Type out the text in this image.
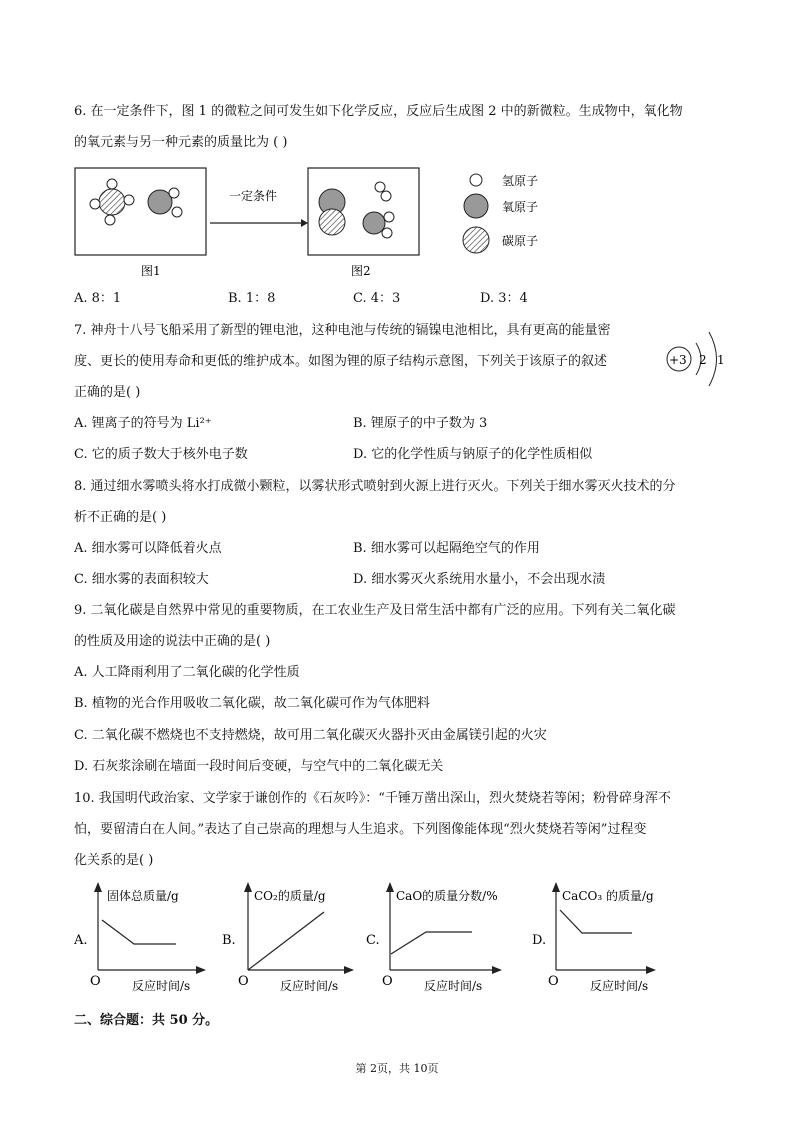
6. 在一定条件下，图 1 的微粒之间可发生如下化学反应，反应后生成图 2 中的新微粒。生成物中，氧化物
的氧元素与另一种元素的质量比为 ( )
图1
一定条件
图2
氢原子
氧原子
碳原子
A. 8：1	B. 1：8	C. 4：3	D. 3：4
7. 神舟十八号飞船采用了新型的锂电池，这种电池与传统的镉镍电池相比，具有更高的能量密
度、更长的使用寿命和更低的维护成本。如图为锂的原子结构示意图，下列关于该原子的叙述
正确的是( )
+3 2 1
A. 锂离子的符号为 Li²⁺	B. 锂原子的中子数为 3
C. 它的质子数大于核外电子数	D. 它的化学性质与钠原子的化学性质相似
8. 通过细水雾喷头将水打成微小颗粒，以雾状形式喷射到火源上进行灭火。下列关于细水雾灭火技术的分
析不正确的是( )
A. 细水雾可以降低着火点	B. 细水雾可以起隔绝空气的作用
C. 细水雾的表面积较大	D. 细水雾灭火系统用水量小，不会出现水渍
9. 二氧化碳是自然界中常见的重要物质，在工农业生产及日常生活中都有广泛的应用。下列有关二氧化碳
的性质及用途的说法中正确的是( )
A. 人工降雨利用了二氧化碳的化学性质
B. 植物的光合作用吸收二氧化碳，故二氧化碳可作为气体肥料
C. 二氧化碳不燃烧也不支持燃烧，故可用二氧化碳灭火器扑灭由金属镁引起的火灾
D. 石灰浆涂刷在墙面一段时间后变硬，与空气中的二氧化碳无关
10. 我国明代政治家、文学家于谦创作的《石灰吟》：“千锤万凿出深山，烈火焚烧若等闲；粉骨碎身浑不
怕，要留清白在人间。”表达了自己崇高的理想与人生追求。下列图像能体现“烈火焚烧若等闲”过程变
化关系的是( )
A.
固体总质量/g
O	反应时间/s
B.
CO₂的质量/g
O	反应时间/s
C.
CaO的质量分数/%
O	反应时间/s
D.
CaCO₃ 的质量/g
O	反应时间/s
二、综合题：共 50 分。
第 2页，共 10页
